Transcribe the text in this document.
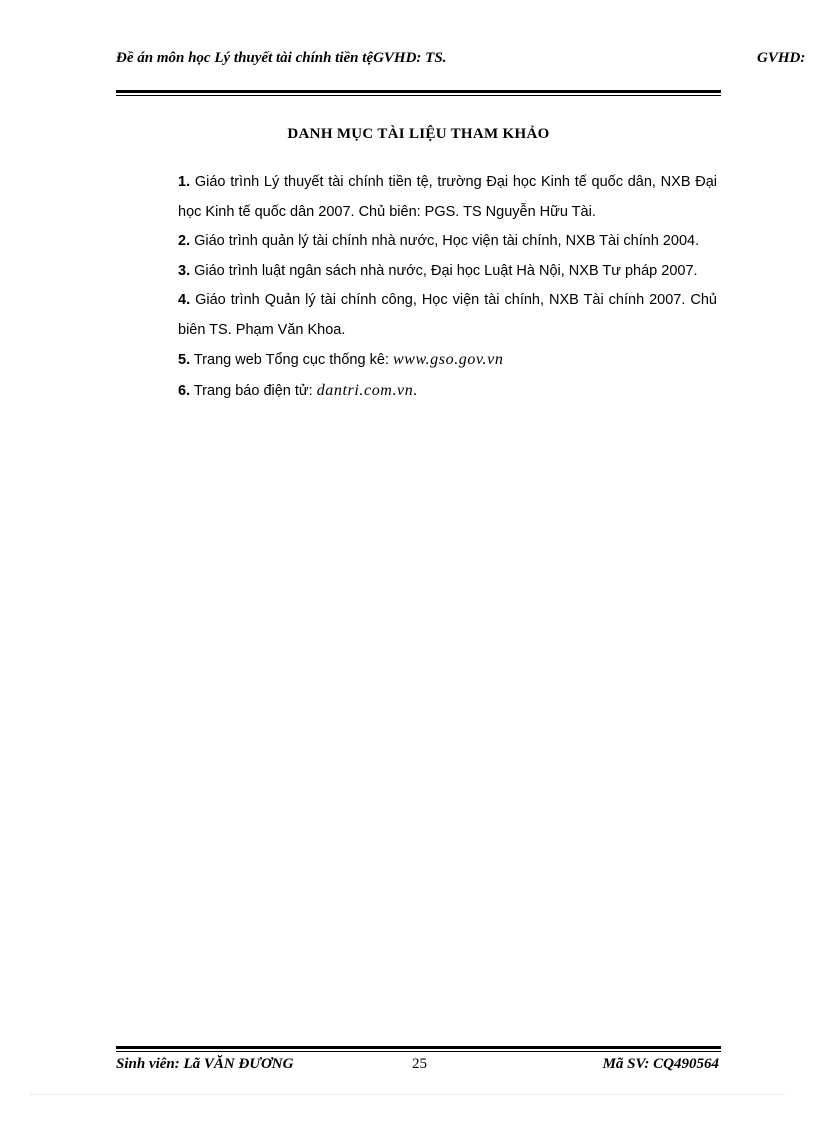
Đề án môn học Lý thuyết tài chính tiền tệGVHD: TS.	GVHD:
DANH MỤC TÀI LIỆU THAM KHẢO

1. Giáo trình Lý thuyết tài chính tiền tệ, trường Đại học Kinh tế quốc dân, NXB Đại học Kinh tế quốc dân 2007. Chủ biên: PGS. TS Nguyễn Hữu Tài.

2. Giáo trình quản lý tài chính nhà nước, Học viện tài chính, NXB Tài chính 2004.

3. Giáo trình luật ngân sách nhà nước, Đại học Luật Hà Nội, NXB Tư pháp 2007.

4. Giáo trình Quản lý tài chính công, Học viện tài chính, NXB Tài chính 2007. Chủ biên TS. Phạm Văn Khoa.

5. Trang web Tổng cục thống kê: www.gso.gov.vn

6. Trang báo điện tử: dantri.com.vn.

Sinh viên: Lã VĂN ĐƯƠNG	25	Mã SV: CQ490564
